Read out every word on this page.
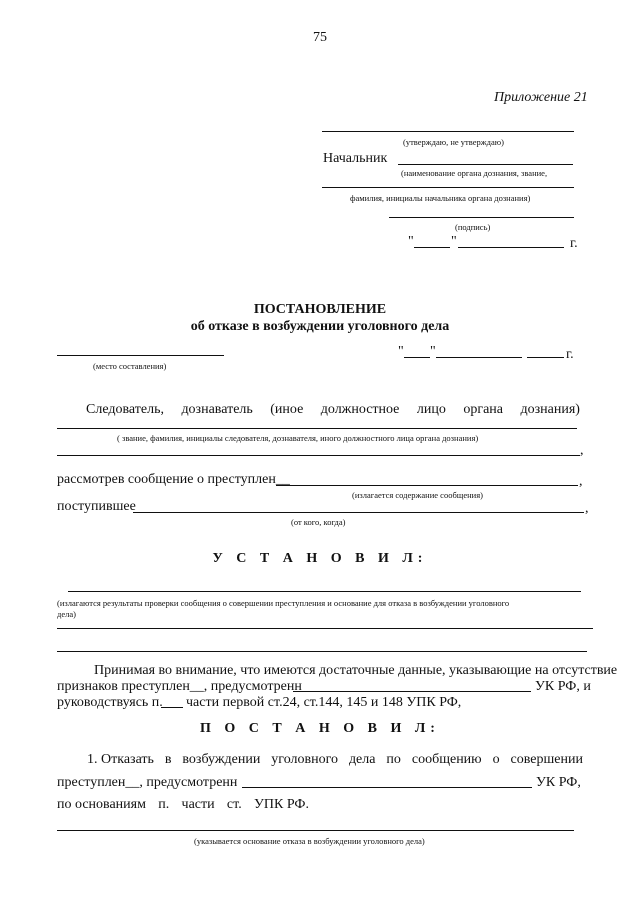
75
Приложение 21
(утверждаю, не утверждаю)
Начальник
(наименование органа дознания, звание,
фамилия, инициалы начальника органа дознания)
(подпись)
"	"	г.
ПОСТАНОВЛЕНИЕ
об отказе в возбуждении уголовного дела
(место составления)
" "	г.
Следователь, дознаватель (иное должностное лицо органа дознания)
( звание, фамилия, инициалы следователя, дознавателя, иного должностного лица органа дознания)
,
рассмотрев сообщение о преступлен__	,
(излагается содержание сообщения)
поступившее	,
(от кого, когда)
У С Т А Н О В И Л:
(излагаются результаты проверки сообщения о совершении преступления и основание для отказа в возбуждении уголовного
дела)
Принимая во внимание, что имеются достаточные данные, указывающие на отсутствие
признаков преступлен__, предусмотренн	УК РФ, и
руководствуясь п. части первой ст.24, ст.144, 145 и 148 УПК РФ,
П О С Т А Н О В И Л:
1. Отказать в возбуждении уголовного дела по сообщению о совершении
преступлен__, предусмотренн	УК РФ,
по основаниям п. части ст. УПК РФ.
(указывается основание отказа в возбуждении уголовного дела)
